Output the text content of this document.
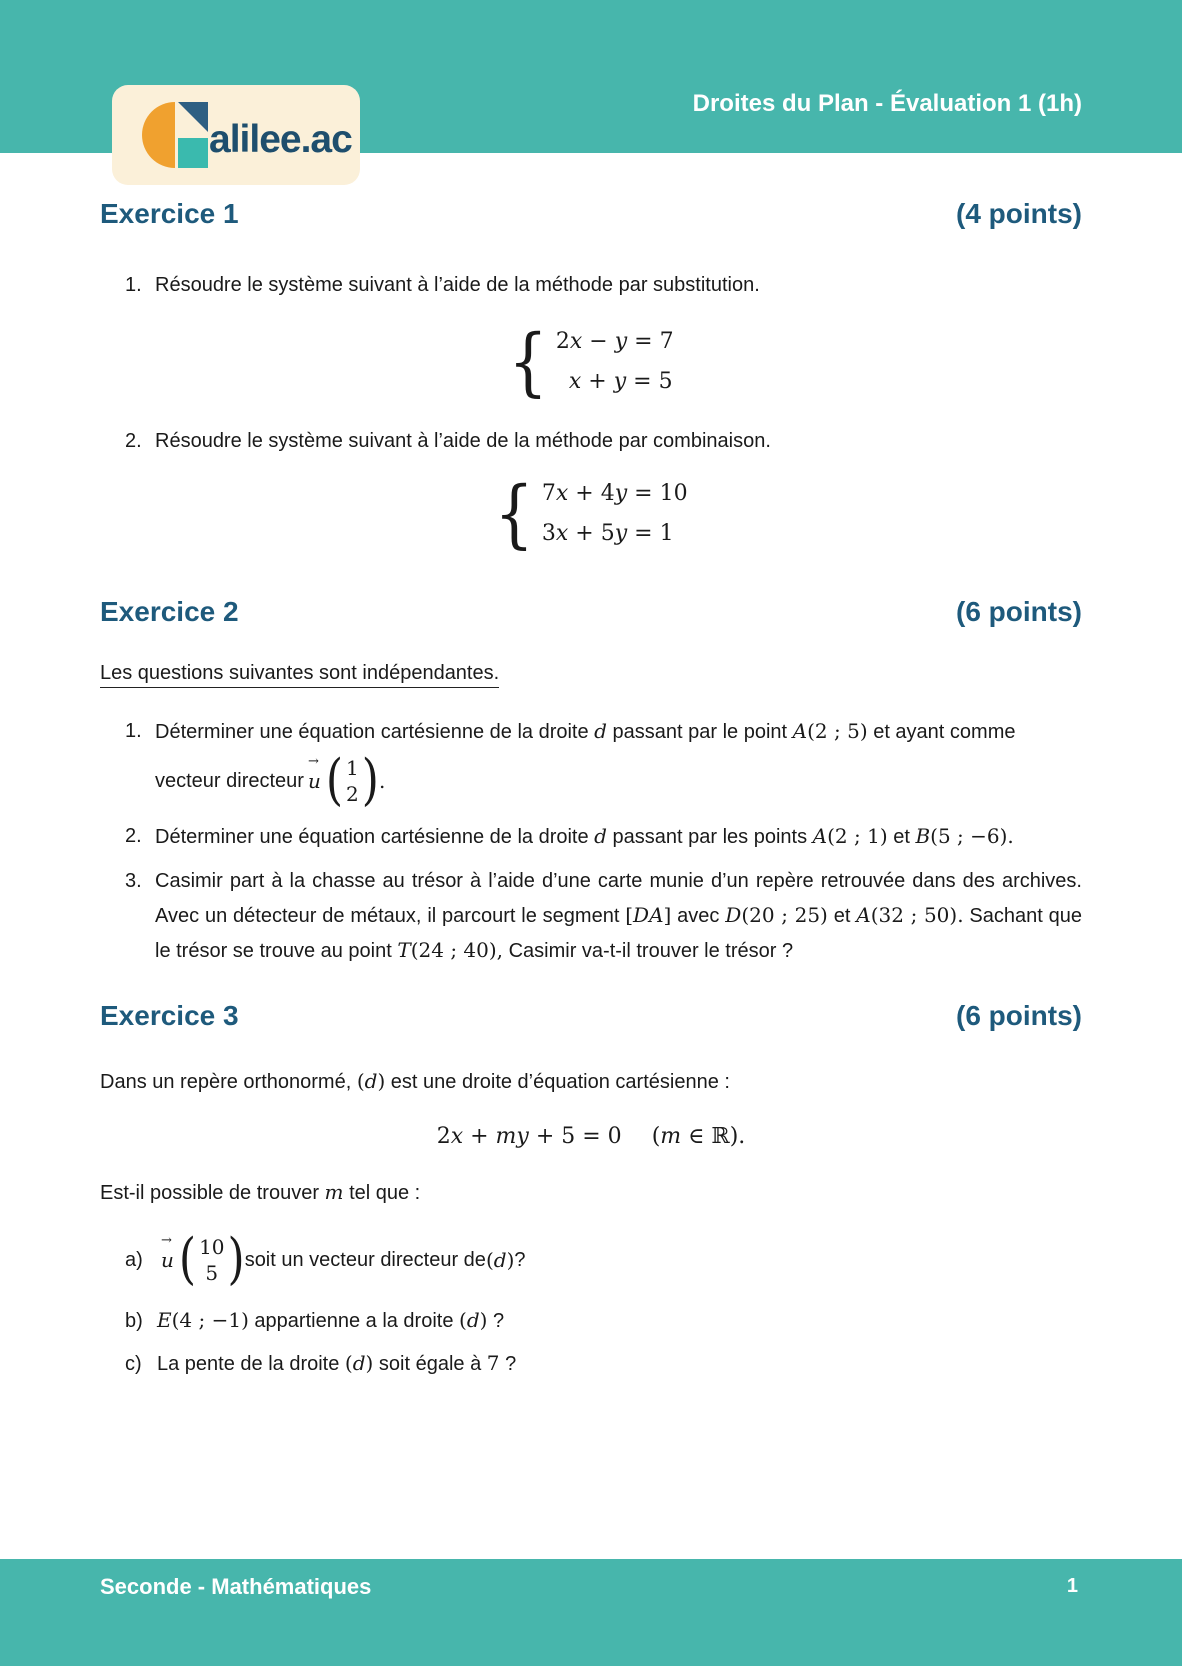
Droites du Plan - Évaluation 1 (1h)
alilee.ac
Exercice 1	(4 points)
1. Résoudre le système suivant à l’aide de la méthode par substitution.
{ 2x − y = 7
x + y = 5
2. Résoudre le système suivant à l’aide de la méthode par combinaison.
{ 7x + 4y = 10
3x + 5y = 1
Exercice 2	(6 points)
Les questions suivantes sont indépendantes.
1. Déterminer une équation cartésienne de la droite d passant par le point A(2 ; 5) et ayant comme
vecteur directeur → u ( 1
2 ) .
2. Déterminer une équation cartésienne de la droite d passant par les points A(2 ; 1) et B(5 ; −6).
3. Casimir part à la chasse au trésor à l’aide d’une carte munie d’un repère retrouvée dans des archives. Avec un détecteur de métaux, il parcourt le segment [DA] avec D(20 ; 25) et A(32 ; 50). Sachant que le trésor se trouve au point T(24 ; 40), Casimir va-t-il trouver le trésor ?
Exercice 3	(6 points)
Dans un repère orthonormé, (d) est une droite d’équation cartésienne :
2x + my + 5 = 0 (m ∈ ℝ).
Est-il possible de trouver m tel que :
a) → u ( 10
5 ) soit un vecteur directeur de (d) ?
b) E(4 ; −1) appartienne a la droite (d) ?
c) La pente de la droite (d) soit égale à 7 ?
Seconde - Mathématiques	1
